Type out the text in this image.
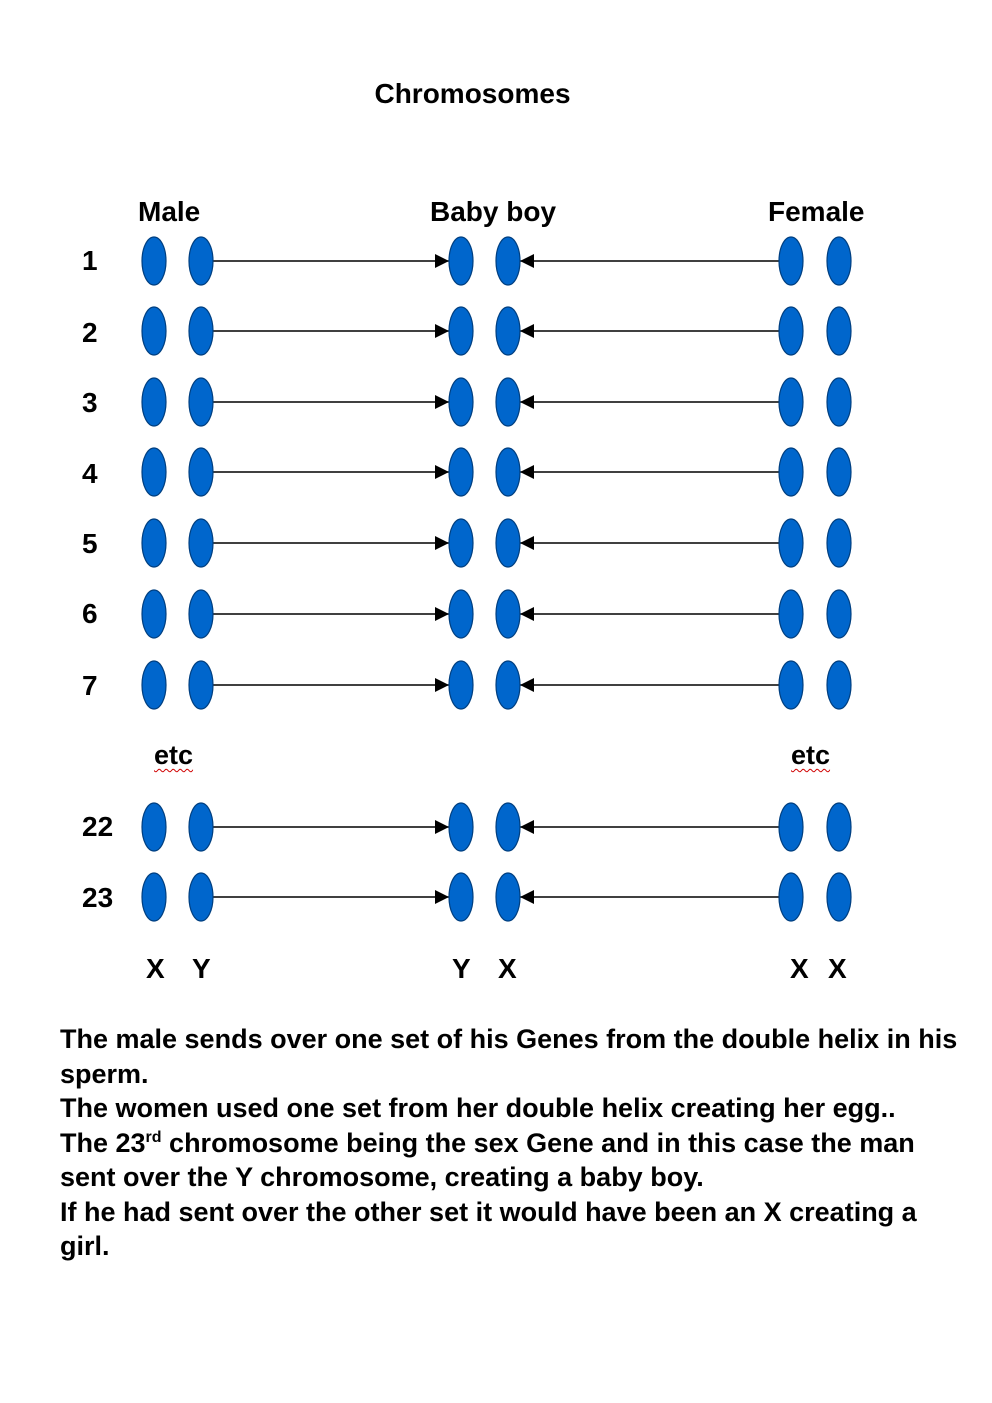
Chromosomes
Male	Baby boy	Female
1
2
3
4
5
6
7
22
23
etc	etc
X Y	Y X	X X

The male sends over one set of his Genes from the double helix in his sperm.

The women used one set from her double helix creating her egg..

The 23rd chromosome being the sex Gene and in this case the man sent over the Y chromosome, creating a baby boy.

If he had sent over the other set it would have been an X creating a girl.
